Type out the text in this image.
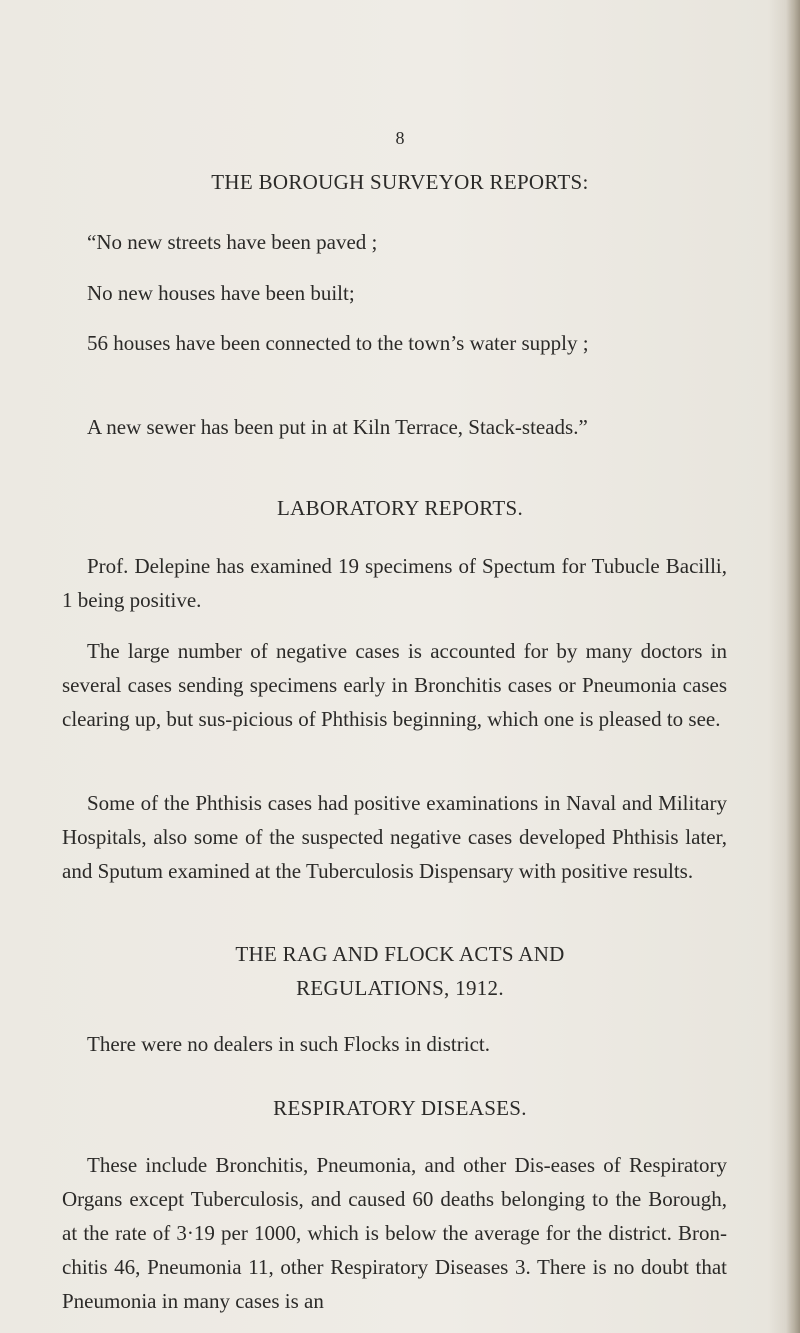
8
THE BOROUGH SURVEYOR REPORTS:
“No new streets have been paved ;
No new houses have been built;
56 houses have been connected to the town’s water supply ;
A new sewer has been put in at Kiln Terrace, Stack-steads.”
LABORATORY REPORTS.
Prof. Delepine has examined 19 specimens of Spectum for Tubucle Bacilli, 1 being positive.
The large number of negative cases is accounted for by many doctors in several cases sending specimens early in Bronchitis cases or Pneumonia cases clearing up, but sus-picious of Phthisis beginning, which one is pleased to see.
Some of the Phthisis cases had positive examinations in Naval and Military Hospitals, also some of the suspected negative cases developed Phthisis later, and Sputum examined at the Tuberculosis Dispensary with positive results.
THE RAG AND FLOCK ACTS AND
REGULATIONS, 1912.
There were no dealers in such Flocks in district.
RESPIRATORY DISEASES.
These include Bronchitis, Pneumonia, and other Dis-eases of Respiratory Organs except Tuberculosis, and caused 60 deaths belonging to the Borough, at the rate of 3·19 per 1000, which is below the average for the district. Bron-chitis 46, Pneumonia 11, other Respiratory Diseases 3. There is no doubt that Pneumonia in many cases is an
